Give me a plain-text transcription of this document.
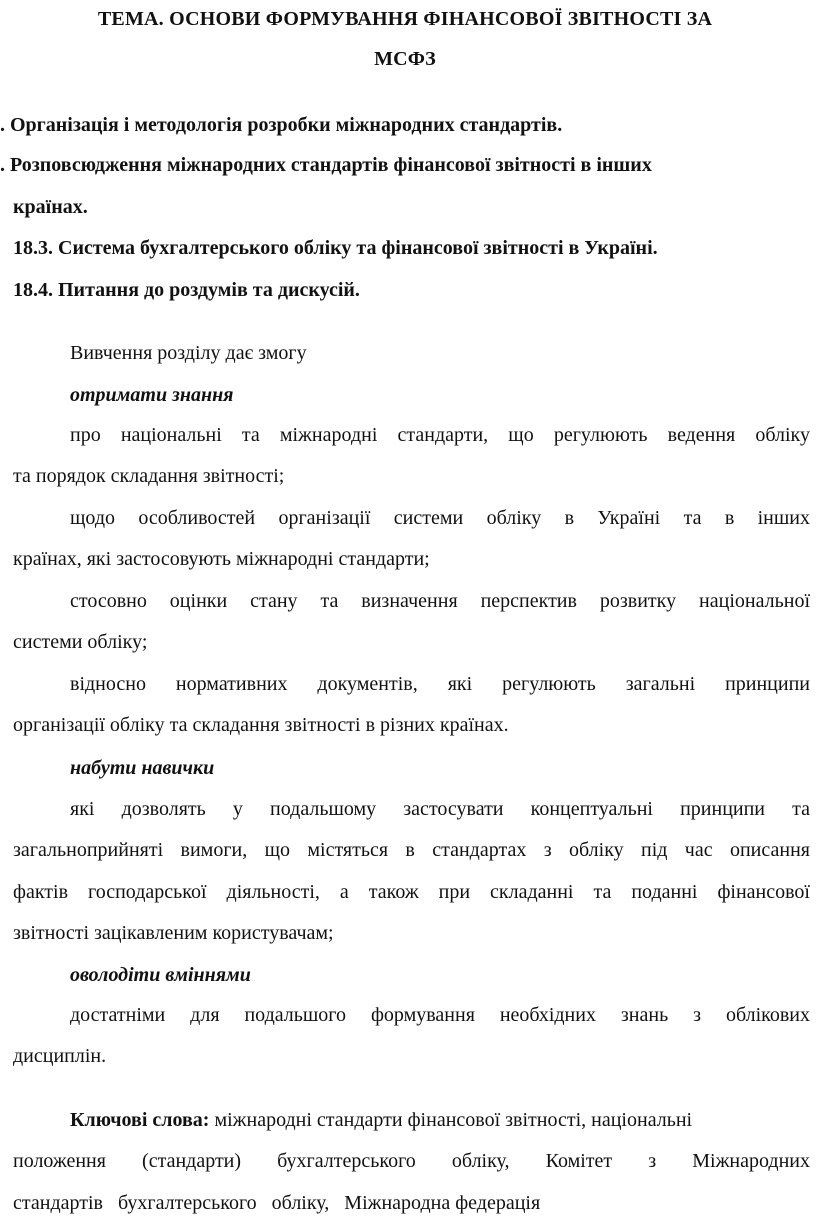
ТЕМА. ОСНОВИ ФОРМУВАННЯ ФІНАНСОВОЇ ЗВІТНОСТІ ЗА
МСФЗ
. Організація і методологія розробки міжнародних стандартів.
. Розповсюдження міжнародних стандартів фінансової звітності в інших
країнах.
18.3. Система бухгалтерського обліку та фінансової звітності в Україні.
18.4. Питання до роздумів та дискусій.
Вивчення розділу дає змогу
отримати знання
про національні та міжнародні стандарти, що регулюють ведення обліку
та порядок складання звітності;
щодо особливостей організації системи обліку в Україні та в інших
країнах, які застосовують міжнародні стандарти;
стосовно оцінки стану та визначення перспектив розвитку національної
системи обліку;
відносно нормативних документів, які регулюють загальні принципи
організації обліку та складання звітності в різних країнах.
набути навички
які дозволять у подальшому застосувати концептуальні принципи та
загальноприйняті вимоги, що містяться в стандартах з обліку під час описання
фактів господарської діяльності, а також при складанні та поданні фінансової
звітності зацікавленим користувачам;
оволодіти вміннями
достатніми для подальшого формування необхідних знань з облікових
дисциплін.
Ключові слова: міжнародні стандарти фінансової звітності, національні
положення (стандарти) бухгалтерського обліку, Комітет з Міжнародних
стандартів   бухгалтерського   обліку,   Міжнародна федерація
